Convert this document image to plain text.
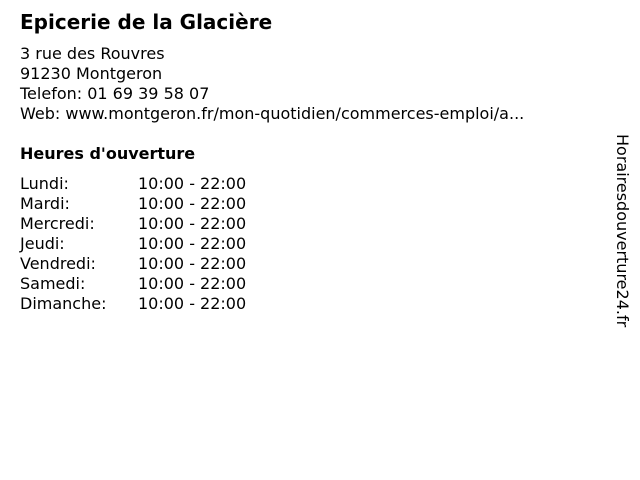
Epicerie de la Glacière
3 rue des Rouvres
91230 Montgeron
Telefon: 01 69 39 58 07
Web: www.montgeron.fr/mon-quotidien/commerces-emploi/a...
Heures d'ouverture
Lundi:	10:00 - 22:00
Mardi:	10:00 - 22:00
Mercredi:	10:00 - 22:00
Jeudi:	10:00 - 22:00
Vendredi:	10:00 - 22:00
Samedi:	10:00 - 22:00
Dimanche:	10:00 - 22:00	Horairesdouverture24.fr
